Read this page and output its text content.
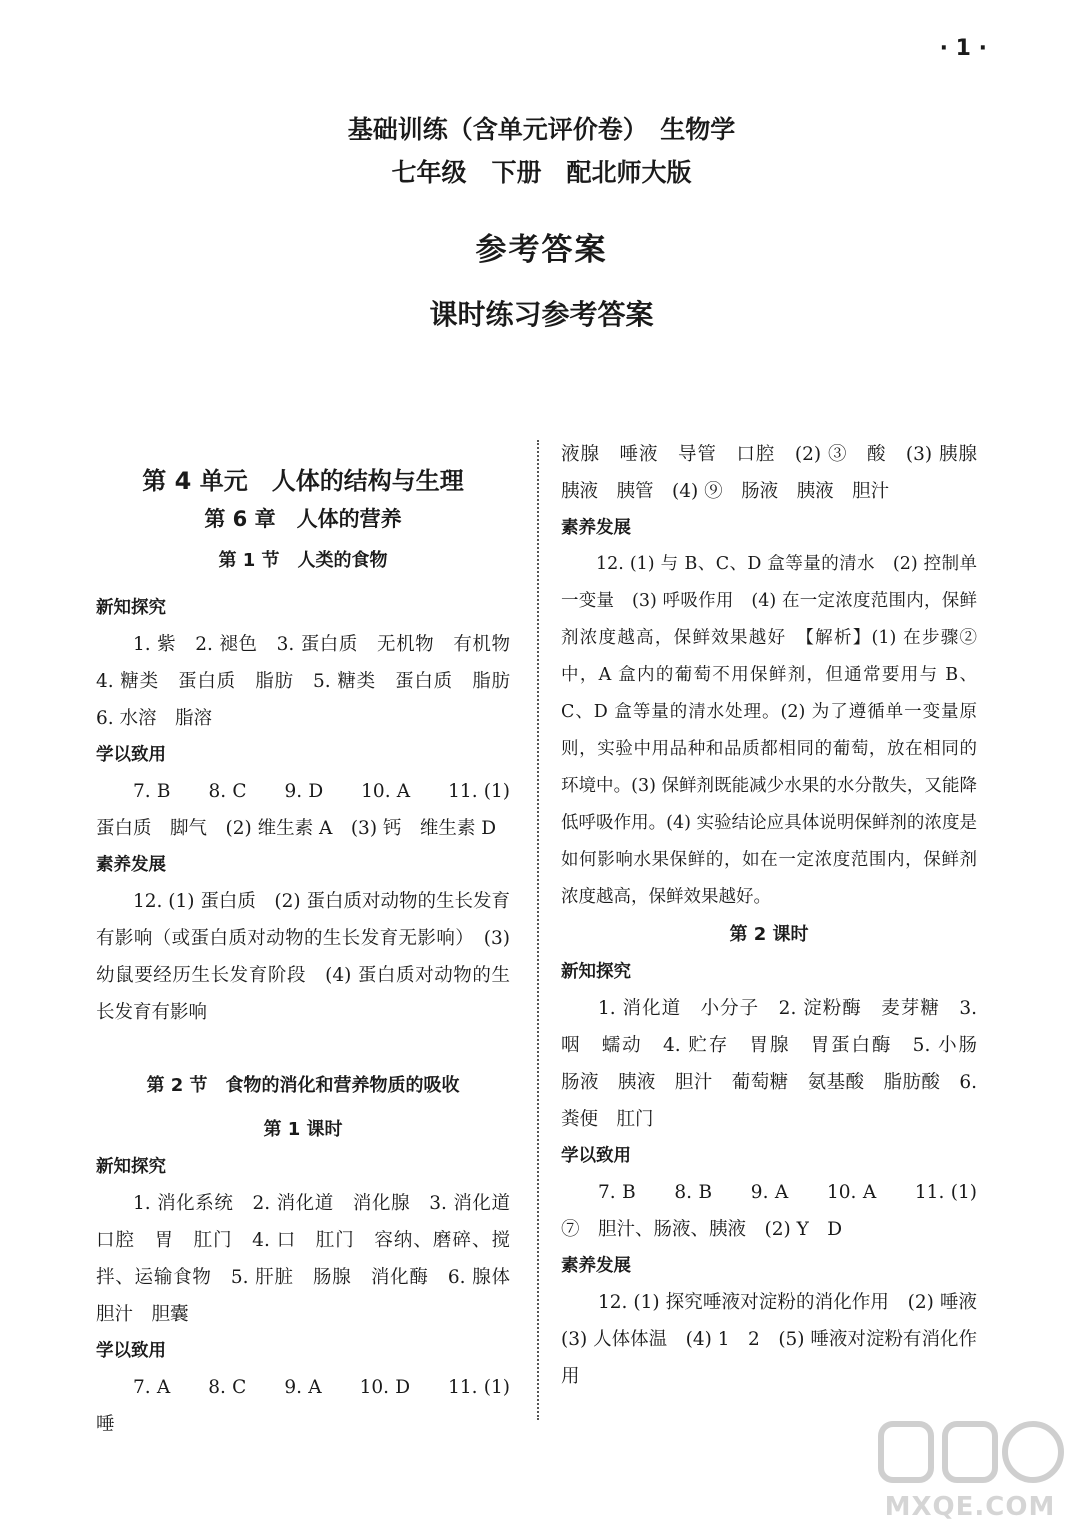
· 1 ·
基础训练（含单元评价卷）　生物学
七年级　下册　配北师大版
参考答案
课时练习参考答案
第 4 单元　人体的结构与生理
第 6 章　人体的营养
第 1 节　人类的食物
新知探究

1. 紫　2. 褪色　3. 蛋白质　无机物　有机物　4. 糖类　蛋白质　脂肪　5. 糖类　蛋白质　脂肪　6. 水溶　脂溶

学以致用

7. B　　8. C　　9. D　　10. A　　11. (1) 蛋白质　脚气　(2) 维生素 A　(3) 钙　维生素 D

素养发展

12. (1) 蛋白质　(2) 蛋白质对动物的生长发育有影响（或蛋白质对动物的生长发育无影响）　(3) 幼鼠要经历生长发育阶段　(4) 蛋白质对动物的生长发育有影响

第 2 节　食物的消化和营养物质的吸收
第 1 课时
新知探究

1. 消化系统　2. 消化道　消化腺　3. 消化道　口腔　胃　肛门　4. 口　肛门　容纳、磨碎、搅拌、运输食物　5. 肝脏　肠腺　消化酶　6. 腺体　胆汁　胆囊

学以致用

7. A　　8. C　　9. A　　10. D　　11. (1) 唾

液腺　唾液　导管　口腔　(2) ③　酸　(3) 胰腺　胰液　胰管　(4) ⑨　肠液　胰液　胆汁

素养发展

12. (1) 与 B、C、D 盒等量的清水　(2) 控制单一变量　(3) 呼吸作用　(4) 在一定浓度范围内，保鲜剂浓度越高，保鲜效果越好　【解析】(1) 在步骤②中，A 盒内的葡萄不用保鲜剂，但通常要用与 B、C、D 盒等量的清水处理。(2) 为了遵循单一变量原则，实验中用品种和品质都相同的葡萄，放在相同的环境中。(3) 保鲜剂既能减少水果的水分散失，又能降低呼吸作用。(4) 实验结论应具体说明保鲜剂的浓度是如何影响水果保鲜的，如在一定浓度范围内，保鲜剂浓度越高，保鲜效果越好。

第 2 课时
新知探究

1. 消化道　小分子　2. 淀粉酶　麦芽糖　3. 咽　蠕动　4. 贮存　胃腺　胃蛋白酶　5. 小肠　肠液　胰液　胆汁　葡萄糖　氨基酸　脂肪酸　6. 粪便　肛门

学以致用

7. B　　8. B　　9. A　　10. A　　11. (1) ⑦　胆汁、肠液、胰液　(2) Y　D

素养发展

12. (1) 探究唾液对淀粉的消化作用　(2) 唾液　(3) 人体体温　(4) 1　2　(5) 唾液对淀粉有消化作用

MXQE.COM
